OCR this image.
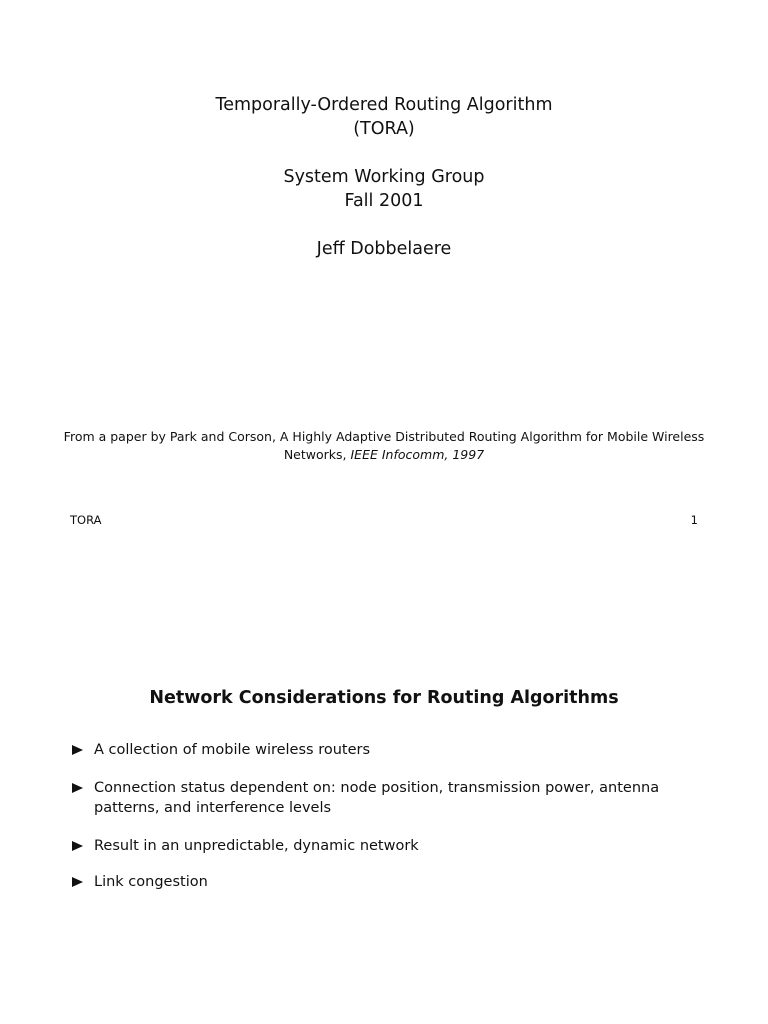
Temporally-Ordered Routing Algorithm
(TORA)
System Working Group
Fall 2001
Jeff Dobbelaere
From a paper by Park and Corson, A Highly Adaptive Distributed Routing Algorithm for Mobile Wireless Networks, IEEE Infocomm, 1997
TORA	1
Network Considerations for Routing Algorithms
A collection of mobile wireless routers
Connection status dependent on: node position, transmission power, antenna patterns, and interference levels
Result in an unpredictable, dynamic network
Link congestion
